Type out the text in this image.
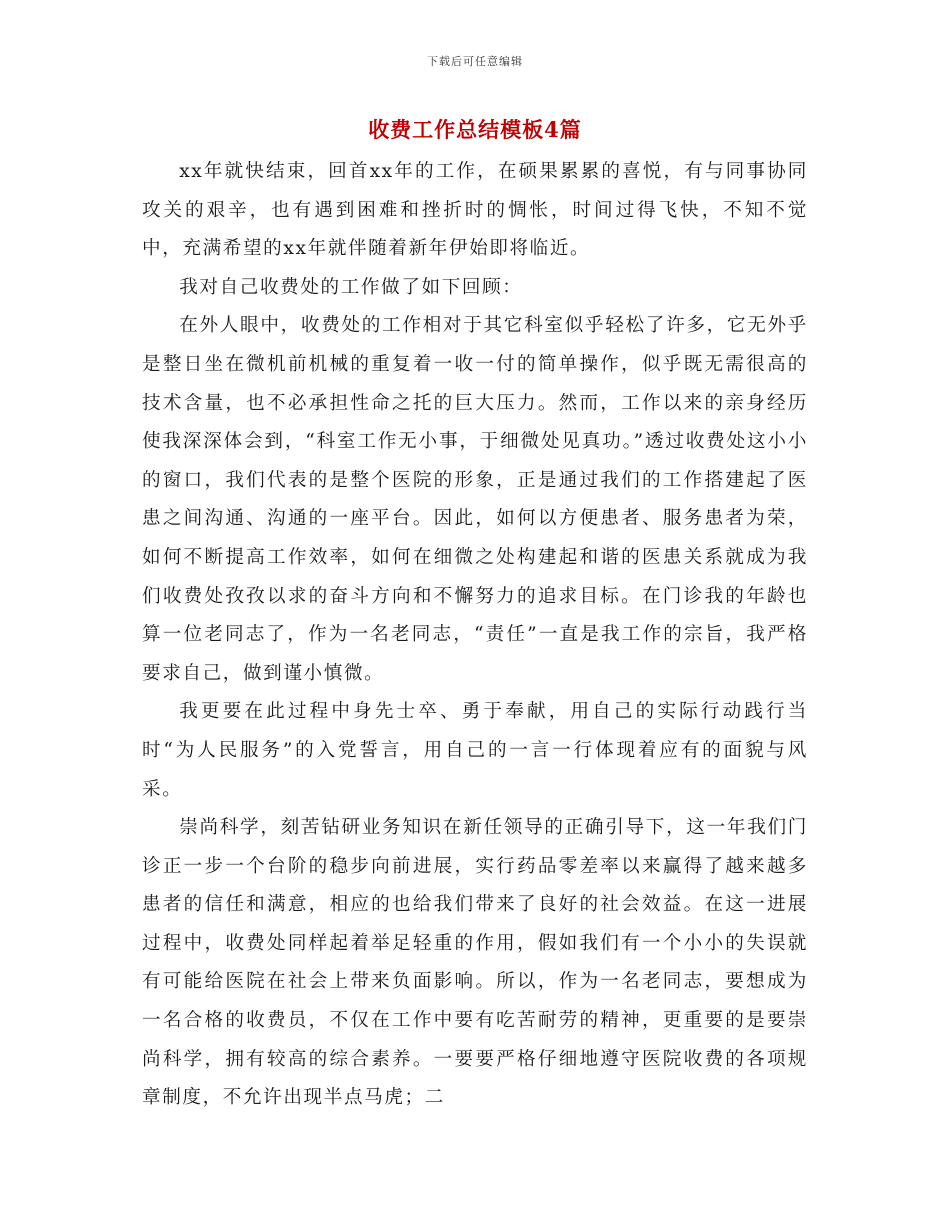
下载后可任意编辑
收费工作总结模板4篇

xx年就快结束，回首xx年的工作，在硕果累累的喜悦，有与同事协同攻关的艰辛，也有遇到困难和挫折时的惆怅，时间过得飞快，不知不觉中，充满希望的xx年就伴随着新年伊始即将临近。

我对自己收费处的工作做了如下回顾：

在外人眼中，收费处的工作相对于其它科室似乎轻松了许多，它无外乎是整日坐在微机前机械的重复着一收一付的简单操作，似乎既无需很高的技术含量，也不必承担性命之托的巨大压力。然而，工作以来的亲身经历使我深深体会到，“科室工作无小事，于细微处见真功。”透过收费处这小小的窗口，我们代表的是整个医院的形象，正是通过我们的工作搭建起了医患之间沟通、沟通的一座平台。因此，如何以方便患者、服务患者为荣，如何不断提高工作效率，如何在细微之处构建起和谐的医患关系就成为我们收费处孜孜以求的奋斗方向和不懈努力的追求目标。在门诊我的年龄也算一位老同志了，作为一名老同志，“责任”一直是我工作的宗旨，我严格要求自己，做到谨小慎微。

我更要在此过程中身先士卒、勇于奉献，用自己的实际行动践行当时“为人民服务”的入党誓言，用自己的一言一行体现着应有的面貌与风采。

崇尚科学，刻苦钻研业务知识在新任领导的正确引导下，这一年我们门诊正一步一个台阶的稳步向前进展，实行药品零差率以来赢得了越来越多患者的信任和满意，相应的也给我们带来了良好的社会效益。在这一进展过程中，收费处同样起着举足轻重的作用，假如我们有一个小小的失误就有可能给医院在社会上带来负面影响。所以，作为一名老同志，要想成为一名合格的收费员，不仅在工作中要有吃苦耐劳的精神，更重要的是要崇尚科学，拥有较高的综合素养。一要要严格仔细地遵守医院收费的各项规章制度，不允许出现半点马虎；二
